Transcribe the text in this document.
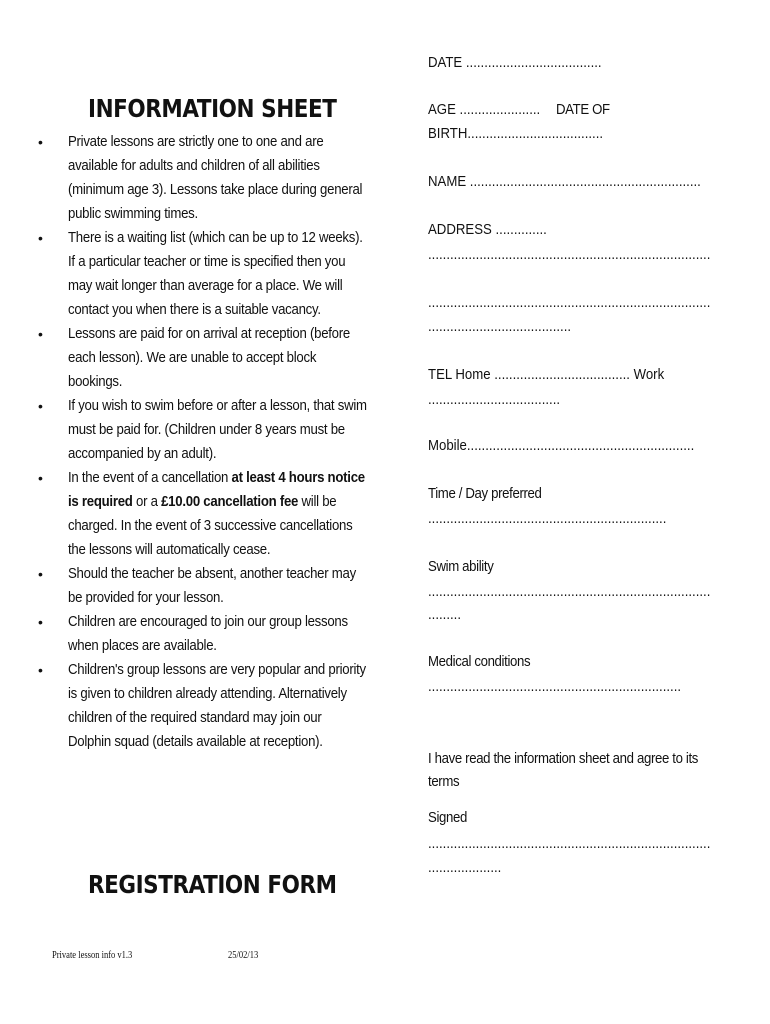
INFORMATION SHEET
• Private lessons are strictly one to one and are available for adults and children of all abilities (minimum age 3). Lessons take place during general public swimming times.
• There is a waiting list (which can be up to 12 weeks). If a particular teacher or time is specified then you may wait longer than average for a place. We will contact you when there is a suitable vacancy.
• Lessons are paid for on arrival at reception (before each lesson). We are unable to accept block bookings.
• If you wish to swim before or after a lesson, that swim must be paid for. (Children under 8 years must be accompanied by an adult).
• In the event of a cancellation at least 4 hours notice is required or a £10.00 cancellation fee will be charged. In the event of 3 successive cancellations the lessons will automatically cease.
• Should the teacher be absent, another teacher may be provided for your lesson.
• Children are encouraged to join our group lessons when places are available.
• Children's group lessons are very popular and priority is given to children already attending. Alternatively children of the required standard may join our Dolphin squad (details available at reception).
REGISTRATION FORM
Private lesson info v1.3	25/02/13
DATE .....................................
AGE ......................	DATE OF
BIRTH.....................................
NAME ...............................................................
ADDRESS ..............
.............................................................................
.............................................................................
.......................................
TEL Home ..................................... Work
....................................
Mobile..............................................................
Time / Day preferred
.................................................................
Swim ability
.............................................................................
.........
Medical conditions
.....................................................................
I have read the information sheet and agree to its
terms
Signed
.............................................................................
....................
